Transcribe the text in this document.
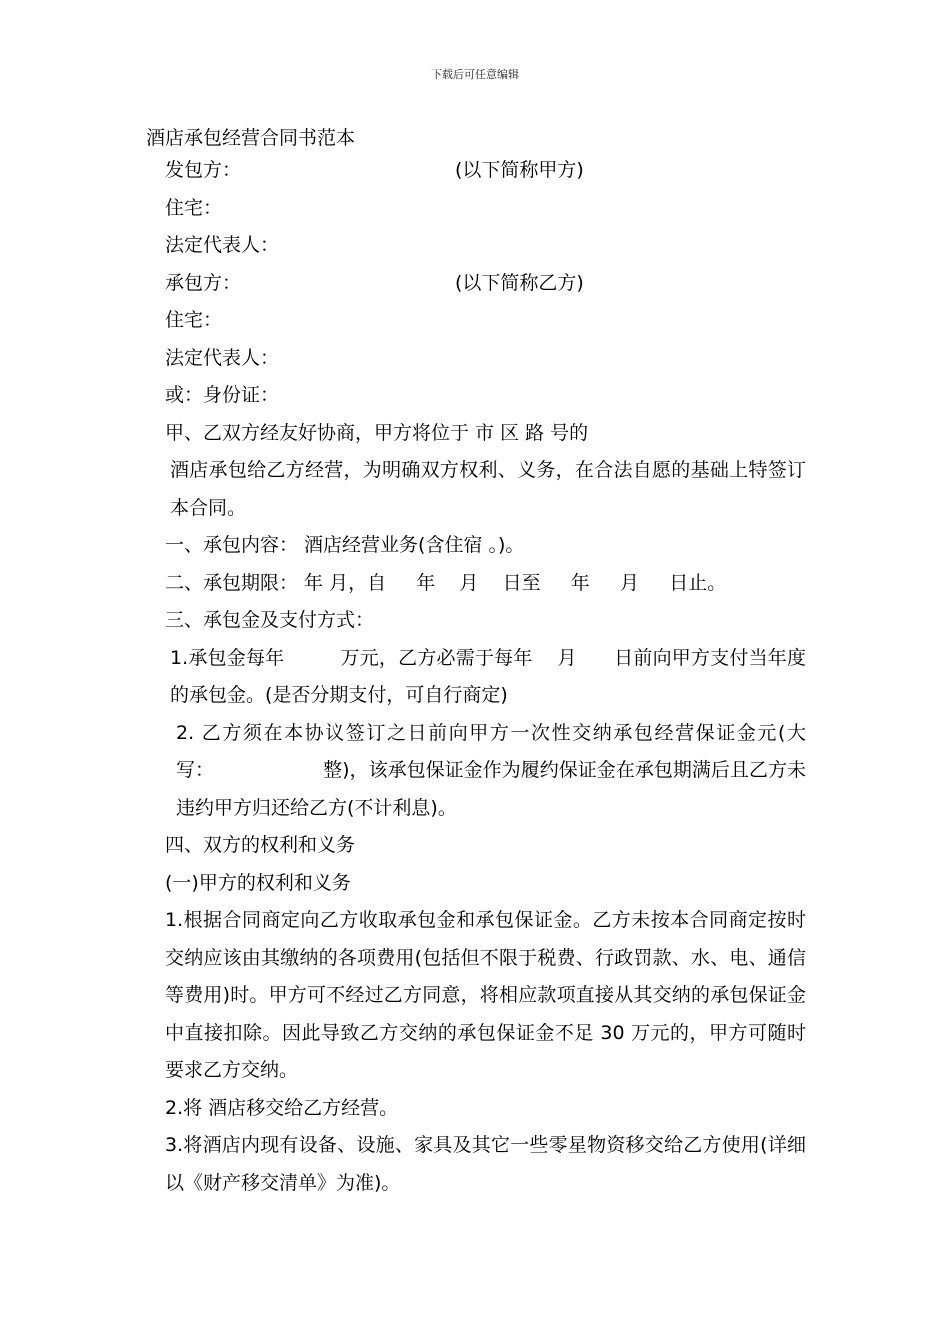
下载后可任意编辑
酒店承包经营合同书范本

发包方：	(以下简称甲方)

住宅：

法定代表人：

承包方：	(以下简称乙方)

住宅：

法定代表人：

或：身份证：

甲、乙双方经友好协商，甲方将位于 市 区 路 号的

酒店承包给乙方经营，为明确双方权利、义务，在合法自愿的基础上特签订本合同。

一、承包内容： 酒店经营业务(含住宿 。)。

二、承包期限： 年 月，自     年    月    日至     年     月     日止。

三、承包金及支付方式：

1.承包金每年         万元，乙方必需于每年    月      日前向甲方支付当年度的承包金。(是否分期支付，可自行商定)

2. 乙方须在本协议签订之日前向甲方一次性交纳承包经营保证金元(大写：                  整)，该承包保证金作为履约保证金在承包期满后且乙方未违约甲方归还给乙方(不计利息)。

四、双方的权利和义务

(一)甲方的权利和义务

1.根据合同商定向乙方收取承包金和承包保证金。乙方未按本合同商定按时交纳应该由其缴纳的各项费用(包括但不限于税费、行政罚款、水、电、通信等费用)时。甲方可不经过乙方同意，将相应款项直接从其交纳的承包保证金中直接扣除。因此导致乙方交纳的承包保证金不足 30 万元的，甲方可随时要求乙方交纳。

2.将 酒店移交给乙方经营。

3.将酒店内现有设备、设施、家具及其它一些零星物资移交给乙方使用(详细以《财产移交清单》为准)。
